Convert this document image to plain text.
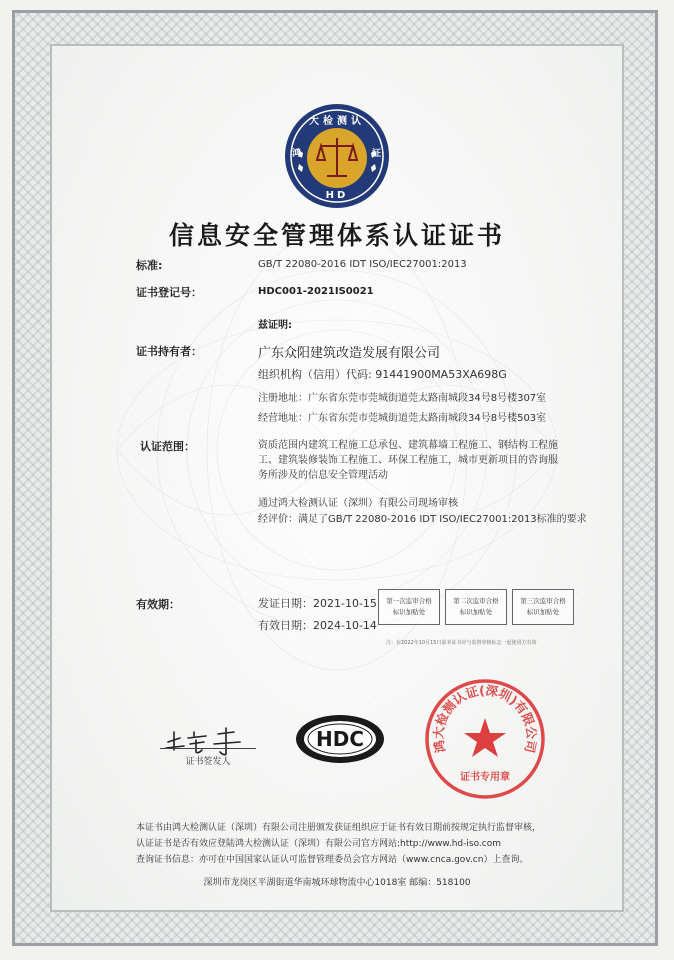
大检测认
鸿	证
HD
信息安全管理体系认证证书
标准:	GB/T 22080-2016 IDT ISO/IEC27001:2013
证书登记号：	HDC001-2021IS0021
兹证明:
证书持有者：	广东众阳建筑改造发展有限公司
组织机构（信用）代码: 91441900MA53XA698G
注册地址：广东省东莞市莞城街道莞太路南城段34号8号楼307室
经营地址：广东省东莞市莞城街道莞太路南城段34号8号楼503室
认证范围：	资质范围内建筑工程施工总承包、建筑幕墙工程施工、钢结构工程施工、建筑装修装饰工程施工、环保工程施工，城市更新项目的咨询服务所涉及的信息安全管理活动
通过鸿大检测认证（深圳）有限公司现场审核
经评价：满足了GB/T 22080-2016 IDT ISO/IEC27001:2013标准的要求
有效期：	发证日期：2021-10-15
有效日期：2024-10-14
第一次监审合格
标识加贴处
第二次监审合格
标识加贴处
第三次监审合格
标识加贴处
注：在2022年10月15日前本证书应与监督审核标志一起使用方有效
证书签发人
HDC	鸿大检测认证(深圳)有限公司
证书专用章
本证书由鸿大检测认证（深圳）有限公司注册颁发获证组织应于证书有效日期前按规定执行监督审核，
认证证书是否有效应登陆鸿大检测认证（深圳）有限公司官方网站:http://www.hd-iso.com
查询证书信息：亦可在中国国家认证认可监督管理委员会官方网站（www.cnca.gov.cn）上查询。
深圳市龙岗区平湖街道华南城环球物流中心1018室 邮编：518100
